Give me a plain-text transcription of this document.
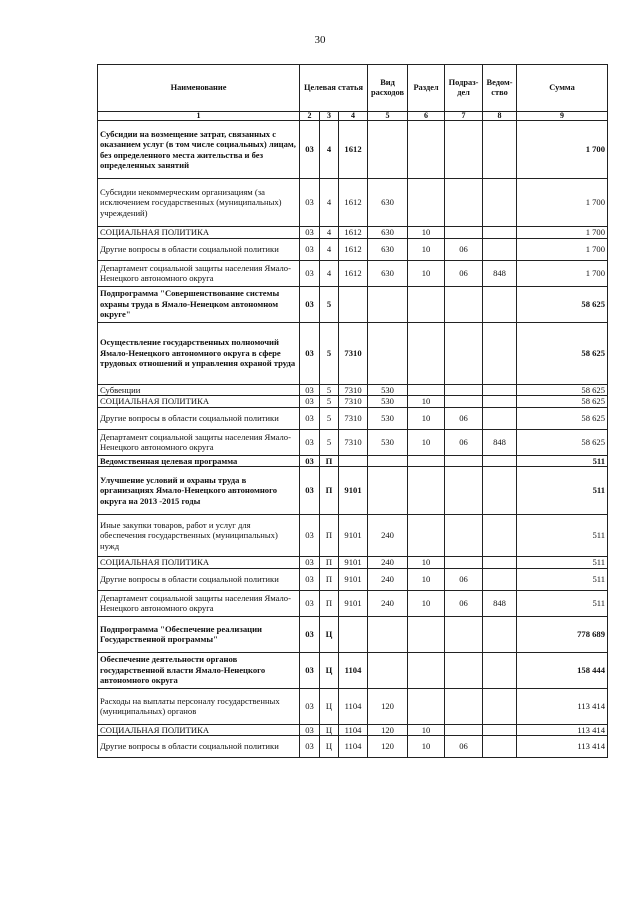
30
Наименование	Целевая статья			Вид расходов	Раздел	Подраз-дел	Ведом-ство	Сумма
1	2	3	4	5	6	7	8	9
Субсидии на возмещение затрат, связанных с оказанием услуг (в том числе социальных) лицам, без определенного места жительства и без определенных занятий	03	4	1612					1 700
Субсидии некоммерческим организациям (за исключением государственных (муниципальных) учреждений)	03	4	1612	630				1 700
СОЦИАЛЬНАЯ ПОЛИТИКА	03	4	1612	630	10			1 700
Другие вопросы в области социальной политики	03	4	1612	630	10	06		1 700
Департамент социальной защиты населения Ямало-Ненецкого автономного округа	03	4	1612	630	10	06	848	1 700
Подпрограмма "Совершенствование системы охраны труда в Ямало-Ненецком автономном округе"	03	5						58 625
Осуществление государственных полномочий Ямало-Ненецкого автономного округа в сфере трудовых отношений и управления охраной труда	03	5	7310					58 625
Субвенции	03	5	7310	530				58 625
СОЦИАЛЬНАЯ ПОЛИТИКА	03	5	7310	530	10			58 625
Другие вопросы в области социальной политики	03	5	7310	530	10	06		58 625
Департамент социальной защиты населения Ямало-Ненецкого автономного округа	03	5	7310	530	10	06	848	58 625
Ведомственная целевая программа	03	П						511
Улучшение условий и охраны труда в организациях Ямало-Ненецкого автономного округа на 2013 -2015 годы	03	П	9101					511
Иные закупки товаров, работ и услуг для обеспечения государственных (муниципальных) нужд	03	П	9101	240				511
СОЦИАЛЬНАЯ ПОЛИТИКА	03	П	9101	240	10			511
Другие вопросы в области социальной политики	03	П	9101	240	10	06		511
Департамент социальной защиты населения Ямало-Ненецкого автономного округа	03	П	9101	240	10	06	848	511
Подпрограмма "Обеспечение реализации Государственной программы"	03	Ц						778 689
Обеспечение деятельности органов государственной власти Ямало-Ненецкого автономного округа	03	Ц	1104					158 444
Расходы на выплаты персоналу государственных (муниципальных) органов	03	Ц	1104	120				113 414
СОЦИАЛЬНАЯ ПОЛИТИКА	03	Ц	1104	120	10			113 414
Другие вопросы в области социальной политики	03	Ц	1104	120	10	06		113 414
